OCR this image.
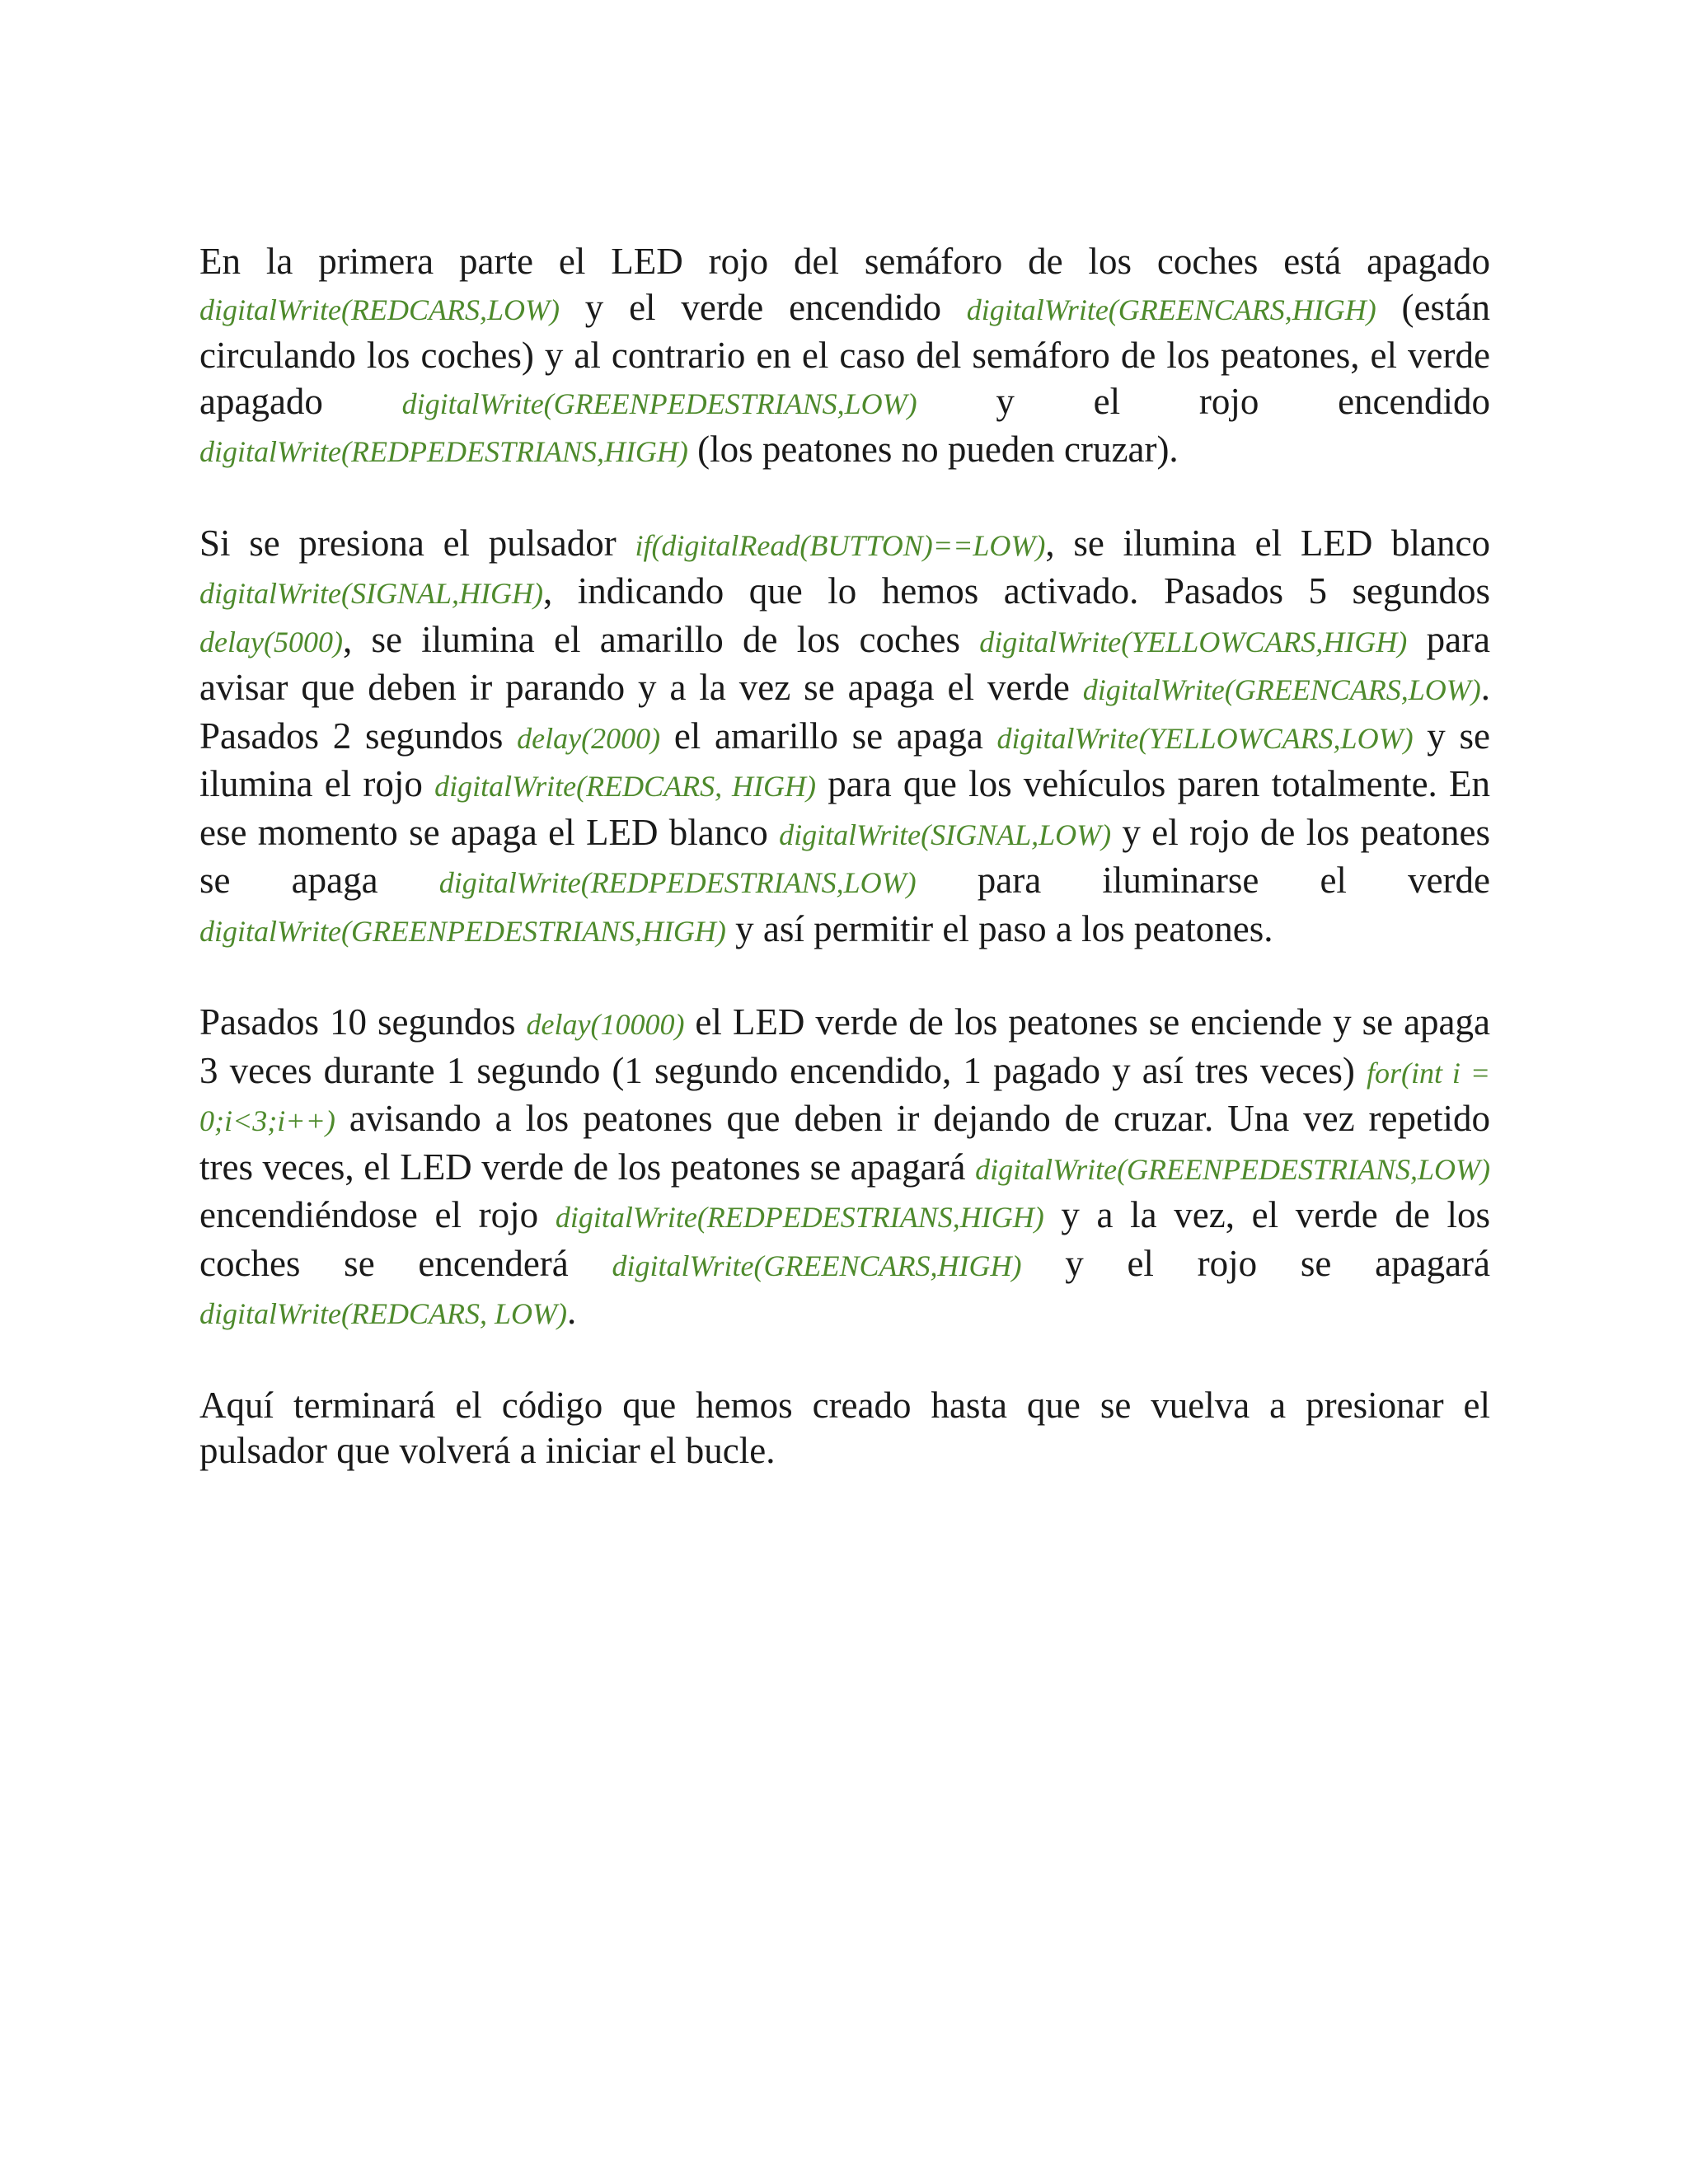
En la primera parte el LED rojo del semáforo de los coches está apagado digitalWrite(REDCARS,LOW) y el verde encendido digitalWrite(GREENCARS,HIGH) (están circulando los coches) y al contrario en el caso del semáforo de los peatones, el verde apagado digitalWrite(GREENPEDESTRIANS,LOW) y el rojo encendido digitalWrite(REDPEDESTRIANS,HIGH) (los peatones no pueden cruzar).

Si se presiona el pulsador if(digitalRead(BUTTON)==LOW), se ilumina el LED blanco digitalWrite(SIGNAL,HIGH), indicando que lo hemos activado. Pasados 5 segundos delay(5000), se ilumina el amarillo de los coches digitalWrite(YELLOWCARS,HIGH) para avisar que deben ir parando y a la vez se apaga el verde digitalWrite(GREENCARS,LOW). Pasados 2 segundos delay(2000) el amarillo se apaga digitalWrite(YELLOWCARS,LOW) y se ilumina el rojo digitalWrite(REDCARS, HIGH) para que los vehículos paren totalmente. En ese momento se apaga el LED blanco digitalWrite(SIGNAL,LOW) y el rojo de los peatones se apaga digitalWrite(REDPEDESTRIANS,LOW) para iluminarse el verde digitalWrite(GREENPEDESTRIANS,HIGH) y así permitir el paso a los peatones.

Pasados 10 segundos delay(10000) el LED verde de los peatones se enciende y se apaga 3 veces durante 1 segundo (1 segundo encendido, 1 pagado y así tres veces) for(int i = 0;i<3;i++) avisando a los peatones que deben ir dejando de cruzar. Una vez repetido tres veces, el LED verde de los peatones se apagará digitalWrite(GREENPEDESTRIANS,LOW) encendiéndose el rojo digitalWrite(REDPEDESTRIANS,HIGH) y a la vez, el verde de los coches se encenderá digitalWrite(GREENCARS,HIGH) y el rojo se apagará digitalWrite(REDCARS, LOW).

Aquí terminará el código que hemos creado hasta que se vuelva a presionar el pulsador que volverá a iniciar el bucle.
